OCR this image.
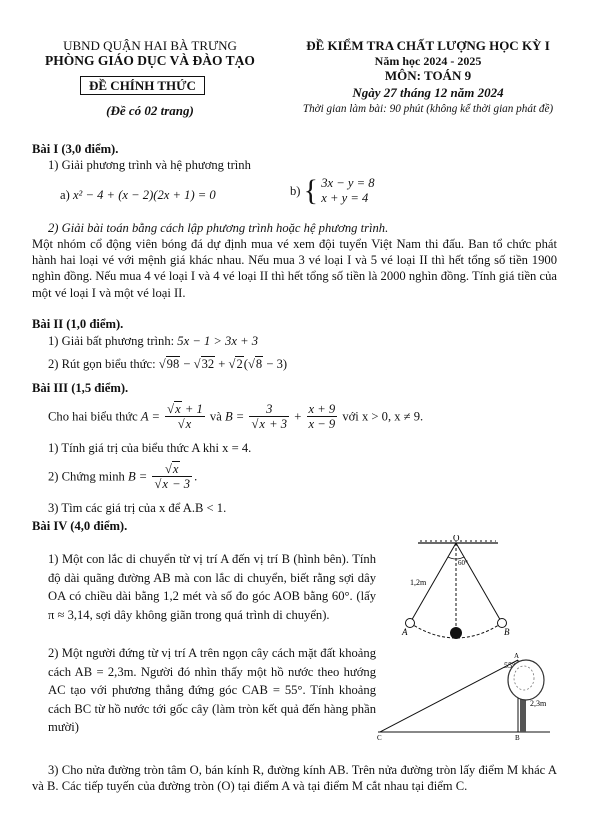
UBND QUẬN HAI BÀ TRƯNG
PHÒNG GIÁO DỤC VÀ ĐÀO TẠO
ĐỀ CHÍNH THỨC
(Đề có 02 trang)
ĐỀ KIỂM TRA CHẤT LƯỢNG HỌC KỲ I
Năm học 2024 - 2025
MÔN: TOÁN 9
Ngày 27 tháng 12 năm 2024
Thời gian làm bài: 90 phút (không kể thời gian phát đề)
Bài I (3,0 điểm).
1) Giải phương trình và hệ phương trình
a) x² − 4 + (x − 2)(2x + 1) = 0	b) { 3x − y = 8
x + y = 4
2) Giải bài toán bằng cách lập phương trình hoặc hệ phương trình.
Một nhóm cổ động viên bóng đá dự định mua vé xem đội tuyển Việt Nam thi đấu. Ban tổ chức phát hành hai loại vé với mệnh giá khác nhau. Nếu mua 3 vé loại I và 5 vé loại II thì hết tổng số tiền 1900 nghìn đồng. Nếu mua 4 vé loại I và 4 vé loại II thì hết tổng số tiền là 2000 nghìn đồng. Tính giá tiền của một vé loại I và một vé loại II.
Bài II (1,0 điểm).
1) Giải bất phương trình: 5x − 1 > 3x + 3
2) Rút gọn biểu thức: √98 − √32 + √2(√8 − 3)
Bài III (1,5 điểm).
Cho hai biểu thức $A = \frac{√x + 1}{√x}$ và $B = \frac{3}{√x + 3} + \frac{x + 9}{x - 9}$ với x > 0, x ≠ 9.
1) Tính giá trị của biểu thức A khi x = 4.
2) Chứng minh $B = \frac{√x}{√x - 3}$ .
3) Tìm các giá trị của x để A.B < 1.
Bài IV (4,0 điểm).
1) Một con lắc di chuyển từ vị trí A đến vị trí B (hình bên). Tính độ dài quãng đường AB mà con lắc di chuyển, biết rằng sợi dây OA có chiều dài bằng 1,2 mét và số đo góc AOB bằng 60°. (lấy π ≈ 3,14, sợi dây không giãn trong quá trình di chuyển).
O
A	B
1,2m
60°
2) Một người đứng từ vị trí A trên ngọn cây cách mặt đất khoảng cách AB = 2,3m. Người đó nhìn thấy một hồ nước theo hướng AC tạo với phương thẳng đứng góc CAB = 55°. Tính khoảng cách BC từ hồ nước tới gốc cây (làm tròn kết quả đến hàng phần mười)
A
B
C
55°
2,3m
3) Cho nửa đường tròn tâm O, bán kính R, đường kính AB. Trên nửa đường tròn lấy điểm M khác A và B. Các tiếp tuyến của đường tròn (O) tại điểm A và tại điểm M cắt nhau tại điểm C.
